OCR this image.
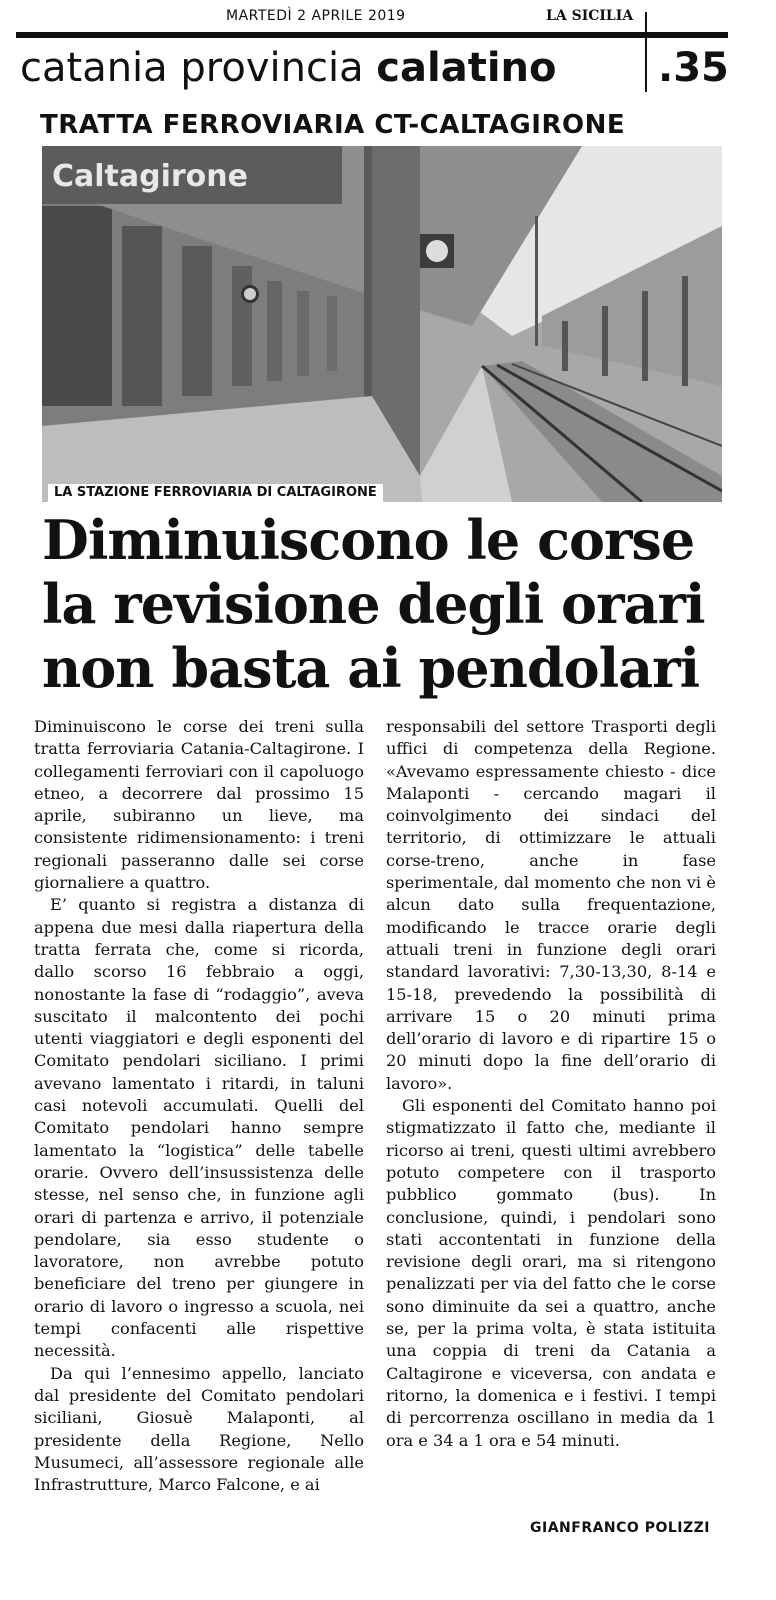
MARTEDÌ 2 APRILE 2019	LA SICILIA
catania provincia calatino	.35
TRATTA FERROVIARIA CT-CALTAGIRONE
Caltagirone
LA STAZIONE FERROVIARIA DI CALTAGIRONE
Diminuiscono le corse
la revisione degli orari
non basta ai pendolari

Diminuiscono le corse dei treni sulla tratta ferroviaria Catania-Caltagirone. I collegamenti ferroviari con il capoluogo etneo, a decorrere dal prossimo 15 aprile, subiranno un lieve, ma consistente ridimensionamento: i treni regionali passeranno dalle sei corse giornaliere a quattro.

E’ quanto si registra a distanza di appena due mesi dalla riapertura della tratta ferrata che, come si ricorda, dallo scorso 16 febbraio a oggi, nonostante la fase di “rodaggio”, aveva suscitato il malcontento dei pochi utenti viaggiatori e degli esponenti del Comitato pendolari siciliano. I primi avevano lamentato i ritardi, in taluni casi notevoli accumulati. Quelli del Comitato pendolari hanno sempre lamentato la “logistica” delle tabelle orarie. Ovvero dell’insussistenza delle stesse, nel senso che, in funzione agli orari di partenza e arrivo, il potenziale pendolare, sia esso studente o lavoratore, non avrebbe potuto beneficiare del treno per giungere in orario di lavoro o ingresso a scuola, nei tempi confacenti alle rispettive necessità.

Da qui l’ennesimo appello, lanciato dal presidente del Comitato pendolari siciliani, Giosuè Malaponti, al presidente della Regione, Nello Musumeci, all’assessore regionale alle Infrastrutture, Marco Falcone, e ai

responsabili del settore Trasporti degli uffici di competenza della Regione. «Avevamo espressamente chiesto - dice Malaponti - cercando magari il coinvolgimento dei sindaci del territorio, di ottimizzare le attuali corse-treno, anche in fase sperimentale, dal momento che non vi è alcun dato sulla frequentazione, modificando le tracce orarie degli attuali treni in funzione degli orari standard lavorativi: 7,30-13,30, 8-14 e 15-18, prevedendo la possibilità di arrivare 15 o 20 minuti prima dell’orario di lavoro e di ripartire 15 o 20 minuti dopo la fine dell’orario di lavoro».

Gli esponenti del Comitato hanno poi stigmatizzato il fatto che, mediante il ricorso ai treni, questi ultimi avrebbero potuto competere con il trasporto pubblico gommato (bus). In conclusione, quindi, i pendolari sono stati accontentati in funzione della revisione degli orari, ma si ritengono penalizzati per via del fatto che le corse sono diminuite da sei a quattro, anche se, per la prima volta, è stata istituita una coppia di treni da Catania a Caltagirone e viceversa, con andata e ritorno, la domenica e i festivi. I tempi di percorrenza oscillano in media da 1 ora e 34 a 1 ora e 54 minuti.

GIANFRANCO POLIZZI
